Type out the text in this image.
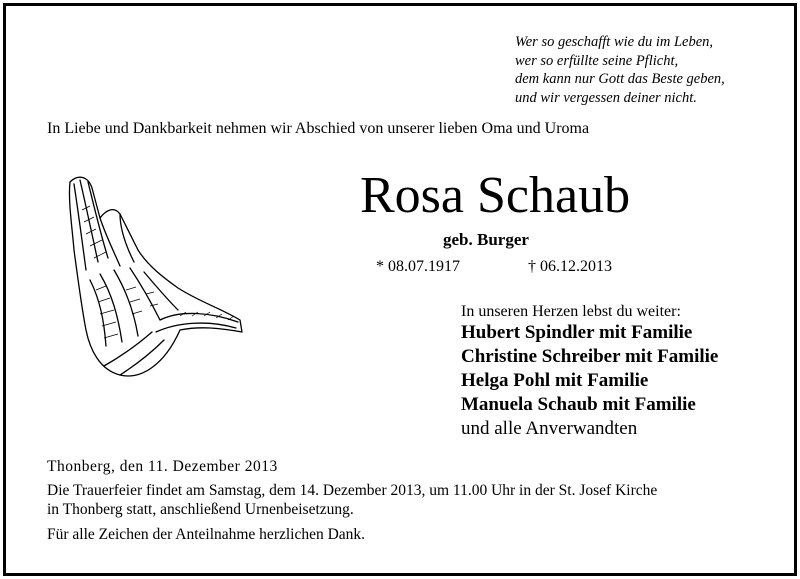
Wer so geschafft wie du im Leben,
wer so erfüllte seine Pflicht,
dem kann nur Gott das Beste geben,
und wir vergessen deiner nicht.
In Liebe und Dankbarkeit nehmen wir Abschied von unserer lieben Oma und Uroma
Rosa Schaub
geb. Burger
* 08.07.1917	† 06.12.2013
In unseren Herzen lebst du weiter:
Hubert Spindler mit Familie
Christine Schreiber mit Familie
Helga Pohl mit Familie
Manuela Schaub mit Familie
und alle Anverwandten
Thonberg, den 11. Dezember 2013
Die Trauerfeier findet am Samstag, dem 14. Dezember 2013, um 11.00 Uhr in der St. Josef Kirche
in Thonberg statt, anschließend Urnenbeisetzung.
Für alle Zeichen der Anteilnahme herzlichen Dank.
